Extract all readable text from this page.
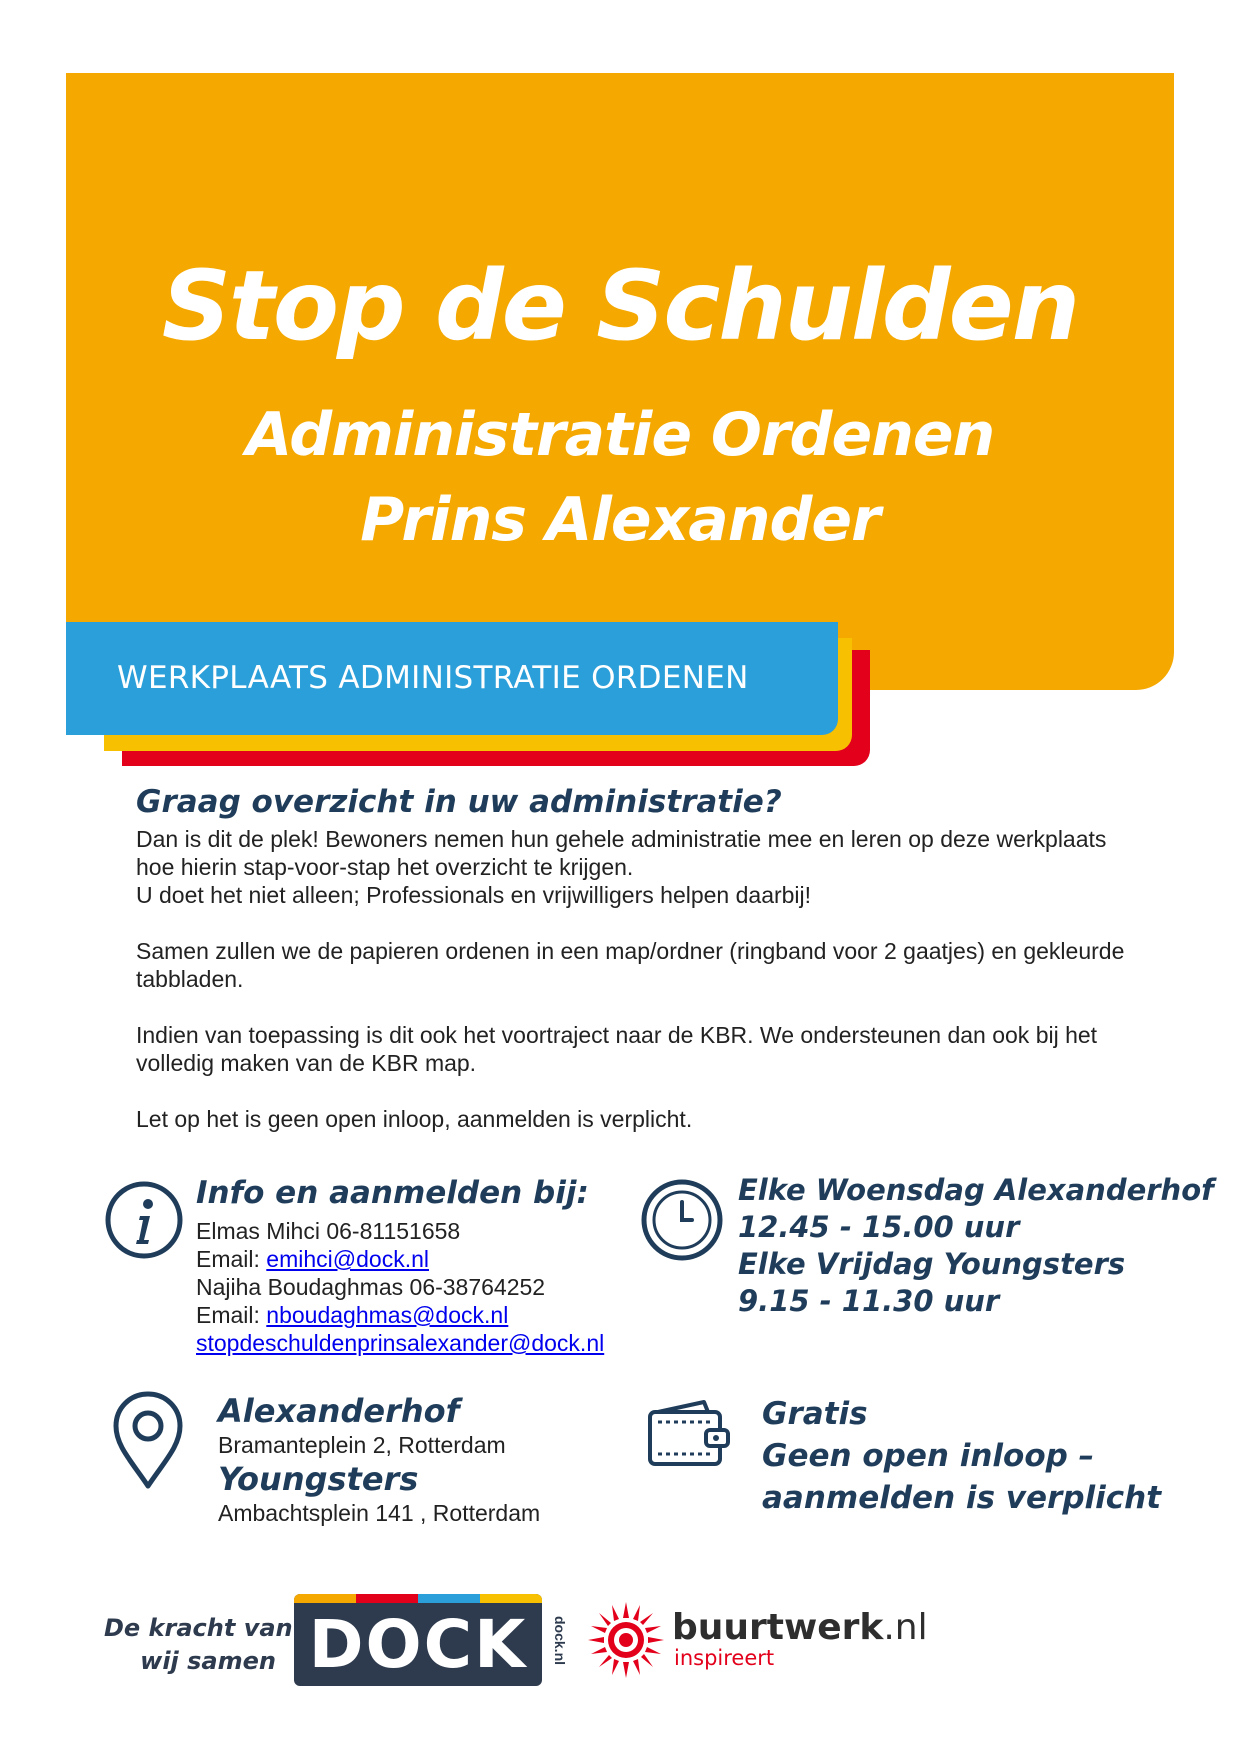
Stop de Schulden
Administratie Ordenen
Prins Alexander
WERKPLAATS ADMINISTRATIE ORDENEN
Graag overzicht in uw administratie?

Dan is dit de plek! Bewoners nemen hun gehele administratie mee en leren op deze werkplaats hoe hierin stap-voor-stap het overzicht te krijgen.

U doet het niet alleen; Professionals en vrijwilligers helpen daarbij!

Samen zullen we de papieren ordenen in een map/ordner (ringband voor 2 gaatjes) en gekleurde tabbladen.

Indien van toepassing is dit ook het voortraject naar de KBR. We ondersteunen dan ook bij het volledig maken van de KBR map.

Let op het is geen open inloop, aanmelden is verplicht.

Info en aanmelden bij:
Elmas Mihci 06-81151658
Email: emihci@dock.nl
Najiha Boudaghmas 06-38764252
Email: nboudaghmas@dock.nl
stopdeschuldenprinsalexander@dock.nl
Elke Woensdag Alexanderhof
12.45 - 15.00 uur
Elke Vrijdag Youngsters
9.15 - 11.30 uur
Alexanderhof
Bramanteplein 2, Rotterdam
Youngsters
Ambachtsplein 141 , Rotterdam
Gratis
Geen open inloop –
aanmelden is verplicht
De kracht van
wij samen DOCK	dock.nl	buurtwerk.nl
inspireert
